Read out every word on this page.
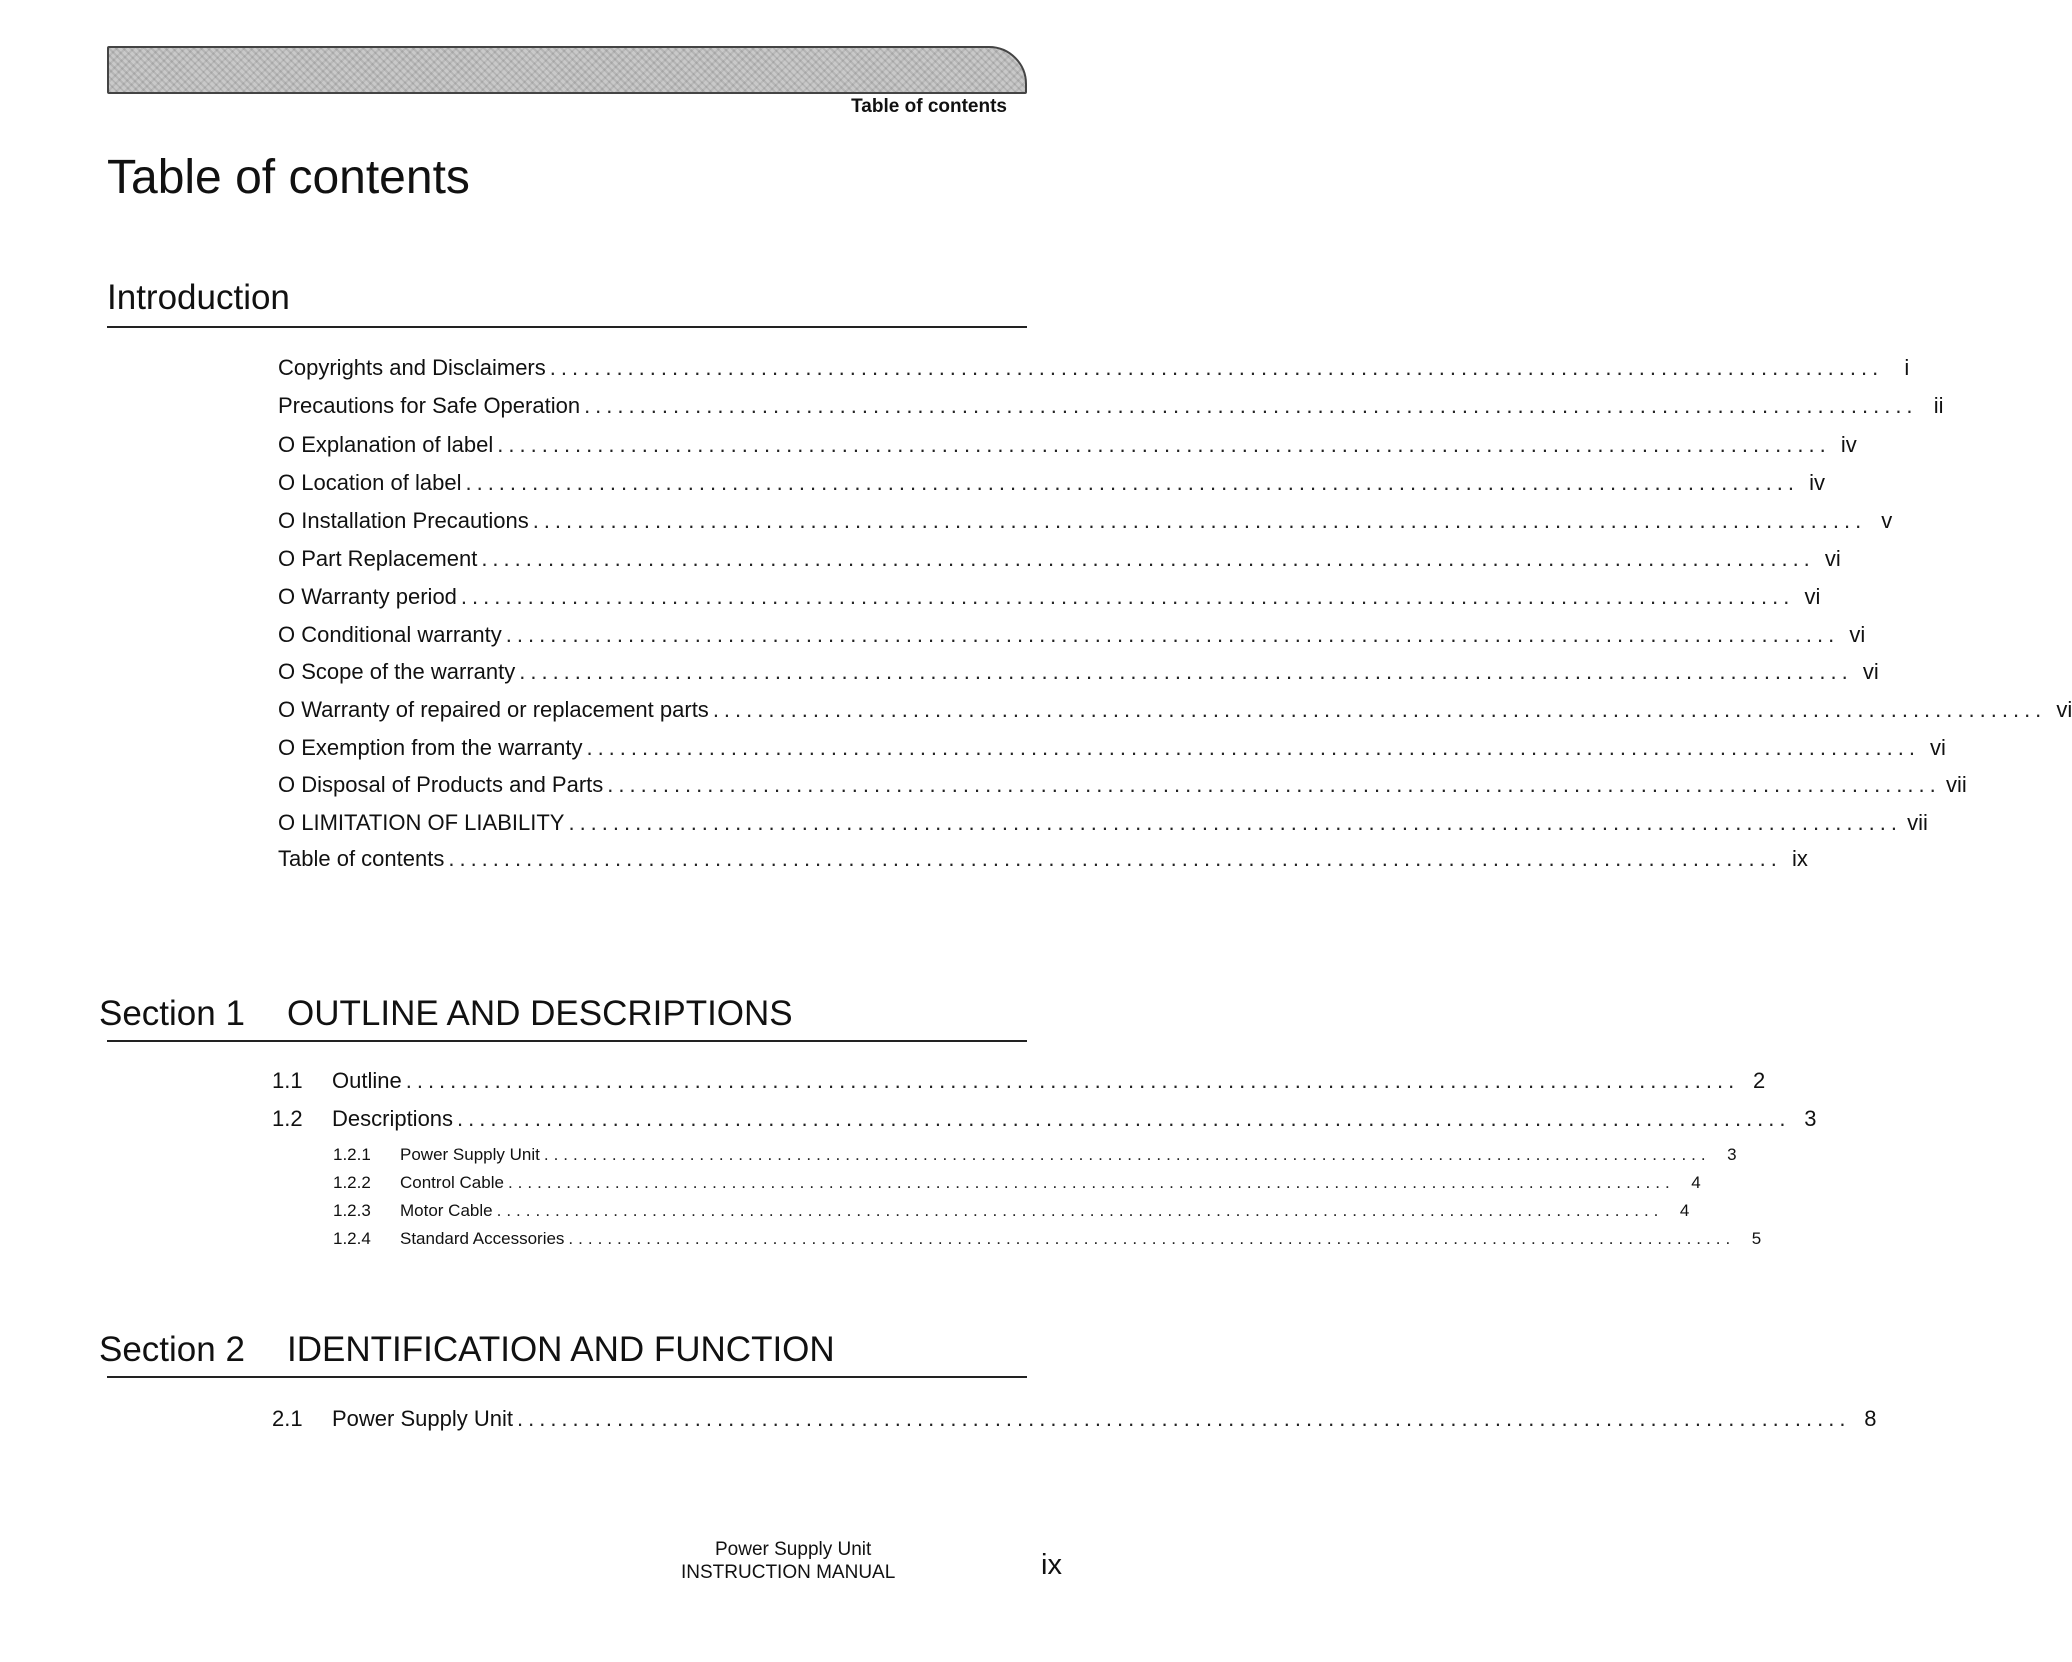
Table of contents
Table of contents
Introduction
Copyrights and Disclaimers ........................................................................................................................ i
Precautions for Safe Operation ........................................................................................................................ ii
O Explanation of label ........................................................................................................................ iv
O Location of label ........................................................................................................................ iv
O Installation Precautions ........................................................................................................................ v
O Part Replacement ........................................................................................................................ vi
O Warranty period ........................................................................................................................ vi
O Conditional warranty ........................................................................................................................ vi
O Scope of the warranty ........................................................................................................................ vi
O Warranty of repaired or replacement parts ........................................................................................................................ vi
O Exemption from the warranty ........................................................................................................................ vi
O Disposal of Products and Parts ........................................................................................................................ vii
O LIMITATION OF LIABILITY ........................................................................................................................ vii
Table of contents ........................................................................................................................ ix
Section 1 OUTLINE AND DESCRIPTIONS
1.1	Outline ........................................................................................................................ 2
1.2	Descriptions ........................................................................................................................ 3
1.2.1	Power Supply Unit ........................................................................................................................ 3
1.2.2	Control Cable ........................................................................................................................ 4
1.2.3	Motor Cable ........................................................................................................................ 4
1.2.4	Standard Accessories ........................................................................................................................ 5
Section 2 IDENTIFICATION AND FUNCTION
2.1	Power Supply Unit ........................................................................................................................ 8
Power Supply Unit
INSTRUCTION MANUAL	ix
